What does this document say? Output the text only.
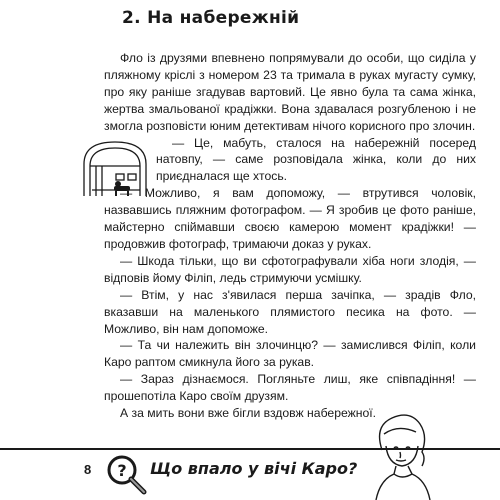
2. На набережній

Фло із друзями впевнено попрямували до особи, що сиділа у пляжному кріслі з номером 23 та тримала в руках мугасту сумку, про яку раніше згадував вартовий. Це явно була та сама жінка, жертва змальованої крадіжки. Вона здавалася розгубленою і не змогла розповісти юним детективам нічого корисного про злочин.

— Це, мабуть, сталося на набережній посеред натовпу, — саме розповідала жінка, коли до них приєдналася ще хтось.

— Можливо, я вам допоможу, — втрутився чоловік, назвавшись пляжним фотографом. — Я зробив це фото раніше, майстерно спіймавши своєю камерою момент крадіжки! — продовжив фотограф, тримаючи доказ у руках.

— Шкода тільки, що ви сфотографували хіба ноги злодія, — відповів йому Філіп, ледь стримуючи усмішку.

— Втім, у нас з'явилася перша зачіпка, — зрадів Фло, вказавши на маленького плямистого песика на фото. — Можливо, він нам допоможе.

— Та чи належить він злочинцю? — замислився Філіп, коли Каро раптом смикнула його за рукав.

— Зараз дізнаємося. Погляньте лиш, яке співпадіння! — прошепотіла Каро своїм друзям.

А за мить вони вже бігли вздовж набережної.

8 ? Що впало у вічі Каро?
